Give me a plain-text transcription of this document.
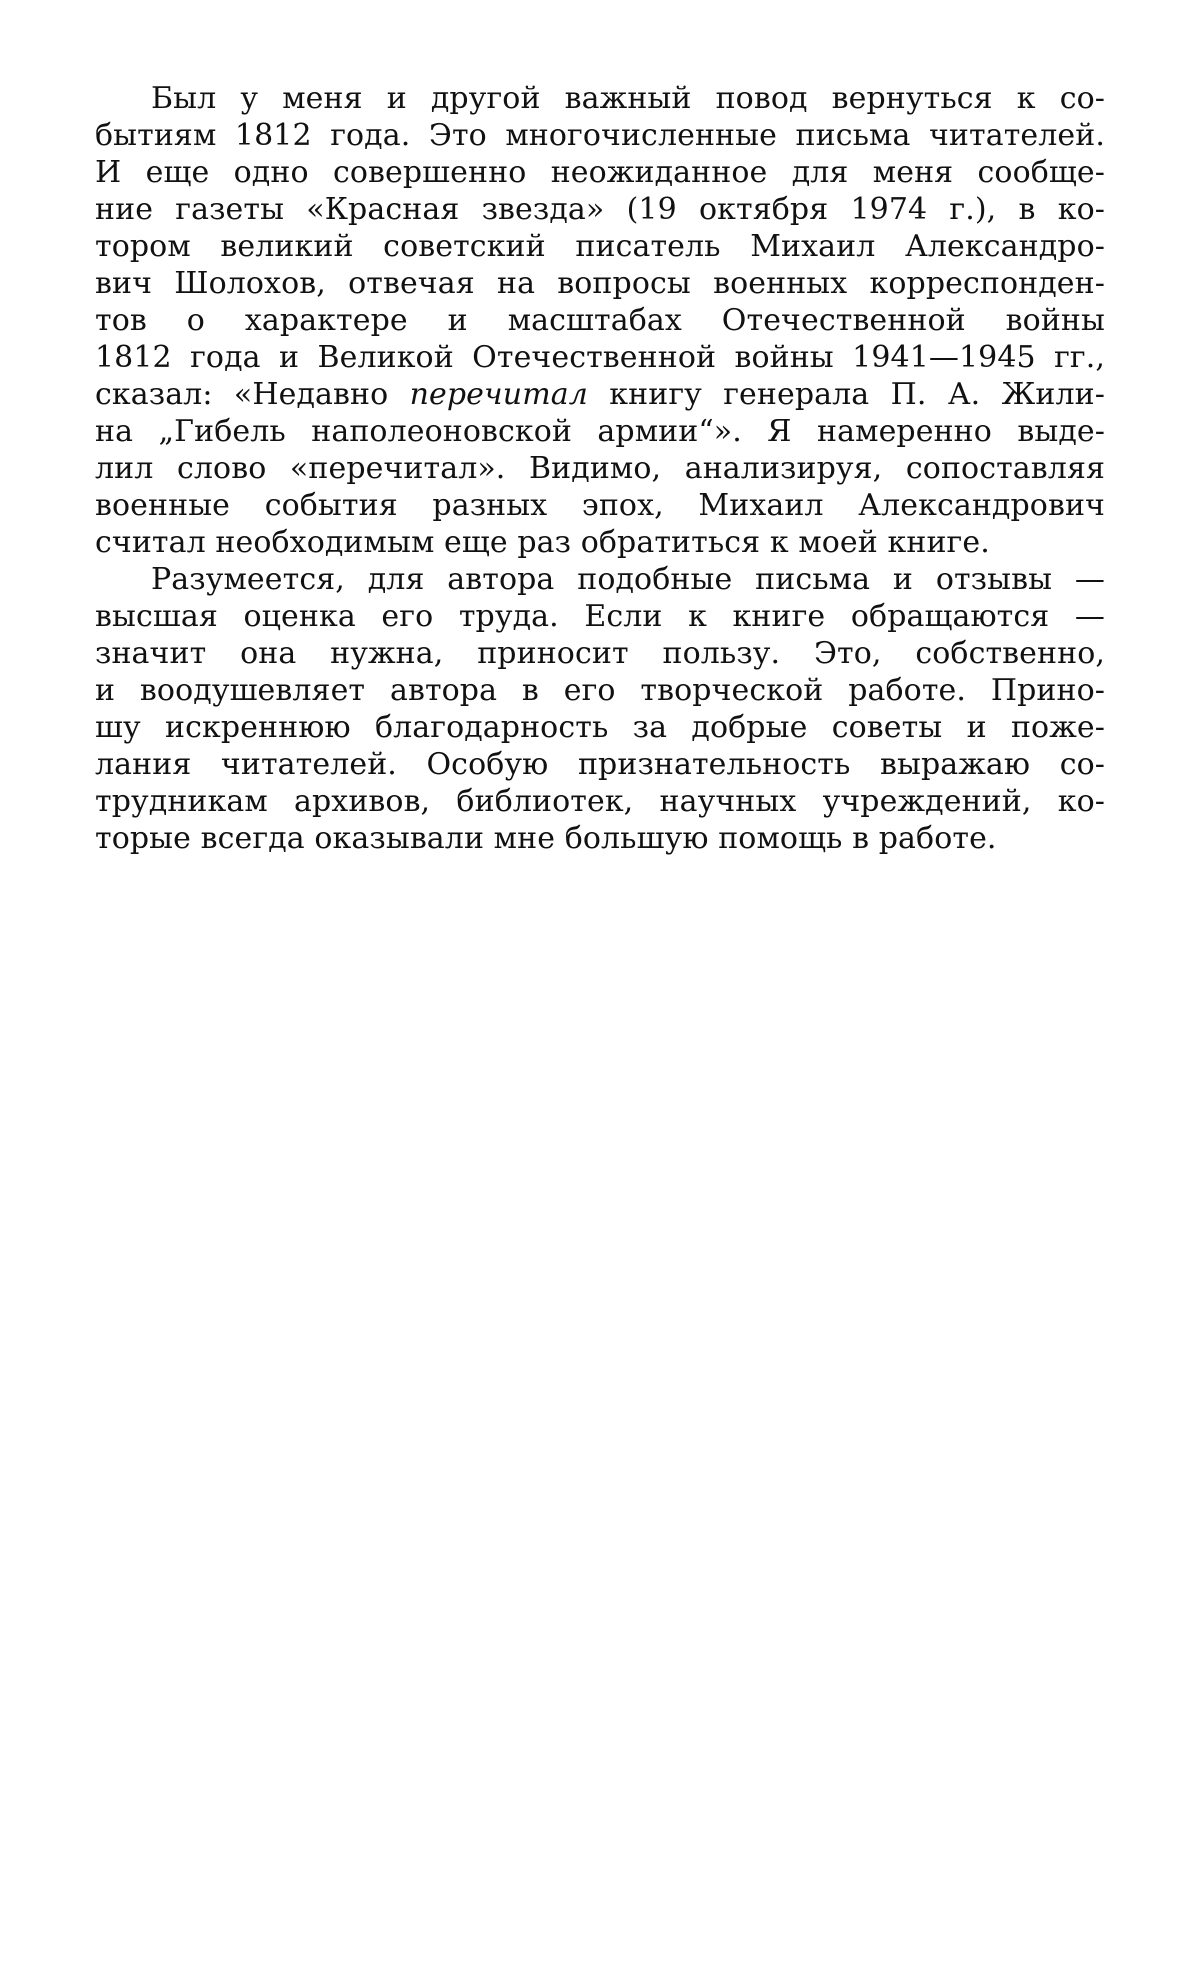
Был у меня и другой важный повод вернуться к со-
бытиям 1812 года. Это многочисленные письма читателей.
И еще одно совершенно неожиданное для меня сообще-
ние газеты «Красная звезда» (19 октября 1974 г.), в ко-
тором великий советский писатель Михаил Александро-
вич Шолохов, отвечая на вопросы военных корреспонден-
тов о характере и масштабах Отечественной войны
1812 года и Великой Отечественной войны 1941—1945 гг.,
сказал: «Недавно перечитал книгу генерала П. А. Жили-
на „Гибель наполеоновской армии“». Я намеренно выде-
лил слово «перечитал». Видимо, анализируя, сопоставляя
военные события разных эпох, Михаил Александрович
считал необходимым еще раз обратиться к моей книге.
Разумеется, для автора подобные письма и отзывы —
высшая оценка его труда. Если к книге обращаются —
значит она нужна, приносит пользу. Это, собственно,
и воодушевляет автора в его творческой работе. Прино-
шу искреннюю благодарность за добрые советы и поже-
лания читателей. Особую признательность выражаю со-
трудникам архивов, библиотек, научных учреждений, ко-
торые всегда оказывали мне большую помощь в работе.
